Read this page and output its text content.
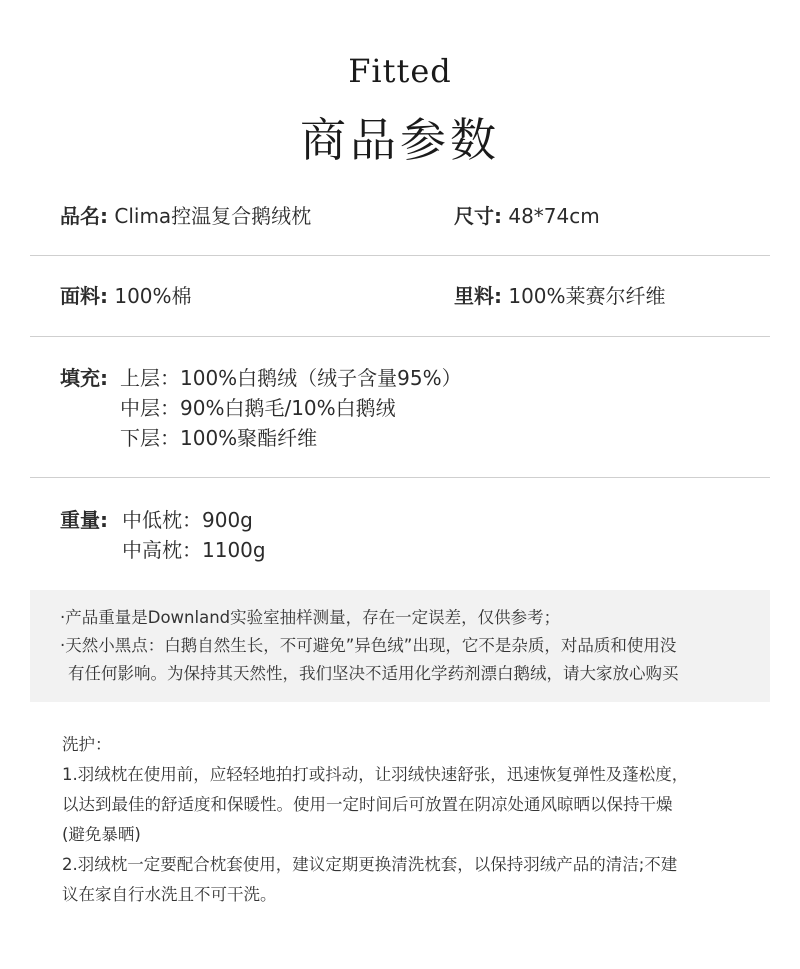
Fitted
商品参数
品名: Clima控温复合鹅绒枕	尺寸: 48*74cm
面料: 100%棉	里料: 100%莱赛尔纤维
填充: 上层：100%白鹅绒（绒子含量95%）
中层：90%白鹅毛/10%白鹅绒
下层：100%聚酯纤维
重量: 中低枕：900g
中高枕：1100g

·产品重量是Downland实验室抽样测量，存在一定误差，仅供参考；

·天然小黑点：白鹅自然生长，不可避免”异色绒”出现，它不是杂质，对品质和使用没

有任何影响。为保持其天然性，我们坚决不适用化学药剂漂白鹅绒，请大家放心购买

洗护：
1.羽绒枕在使用前，应轻轻地拍打或抖动，让羽绒快速舒张，迅速恢复弹性及蓬松度，
以达到最佳的舒适度和保暖性。使用一定时间后可放置在阴凉处通风晾晒以保持干燥
(避免暴晒)
2.羽绒枕一定要配合枕套使用，建议定期更换清洗枕套，以保持羽绒产品的清洁;不建
议在家自行水洗且不可干洗。
